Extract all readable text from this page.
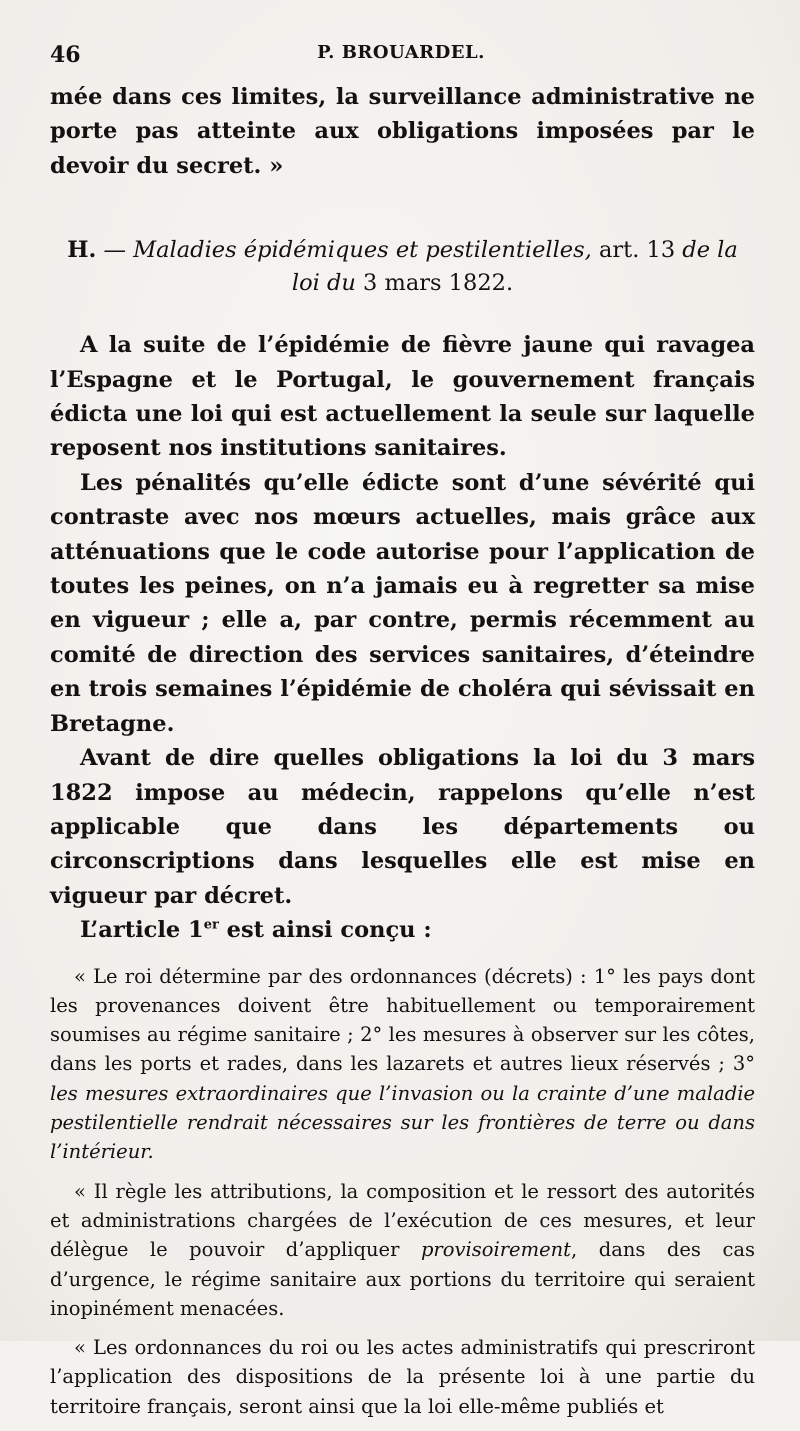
46	P. BROUARDEL.

mée dans ces limites, la surveillance administrative ne porte pas atteinte aux obligations imposées par le devoir du secret. »

H. — Maladies épidémiques et pestilentielles, art. 13 de la loi du 3 mars 1822.

A la suite de l’épidémie de fièvre jaune qui ravagea l’Espagne et le Portugal, le gouvernement français édicta une loi qui est actuellement la seule sur laquelle reposent nos institutions sanitaires.

Les pénalités qu’elle édicte sont d’une sévérité qui contraste avec nos mœurs actuelles, mais grâce aux atténuations que le code autorise pour l’application de toutes les peines, on n’a jamais eu à regretter sa mise en vigueur ; elle a, par contre, permis récemment au comité de direction des services sanitaires, d’éteindre en trois semaines l’épidémie de choléra qui sévissait en Bretagne.

Avant de dire quelles obligations la loi du 3 mars 1822 impose au médecin, rappelons qu’elle n’est applicable que dans les départements ou circonscriptions dans lesquelles elle est mise en vigueur par décret.

L’article 1er est ainsi conçu :

« Le roi détermine par des ordonnances (décrets) : 1° les pays dont les provenances doivent être habituellement ou temporairement soumises au régime sanitaire ; 2° les mesures à observer sur les côtes, dans les ports et rades, dans les lazarets et autres lieux réservés ; 3° les mesures extraordinaires que l’invasion ou la crainte d’une maladie pestilentielle rendrait nécessaires sur les frontières de terre ou dans l’intérieur.

« Il règle les attributions, la composition et le ressort des autorités et administrations chargées de l’exécution de ces mesures, et leur délègue le pouvoir d’appliquer provisoirement, dans des cas d’urgence, le régime sanitaire aux portions du territoire qui seraient inopinément menacées.

« Les ordonnances du roi ou les actes administratifs qui prescriront l’application des dispositions de la présente loi à une partie du territoire français, seront ainsi que la loi elle-même publiés et
